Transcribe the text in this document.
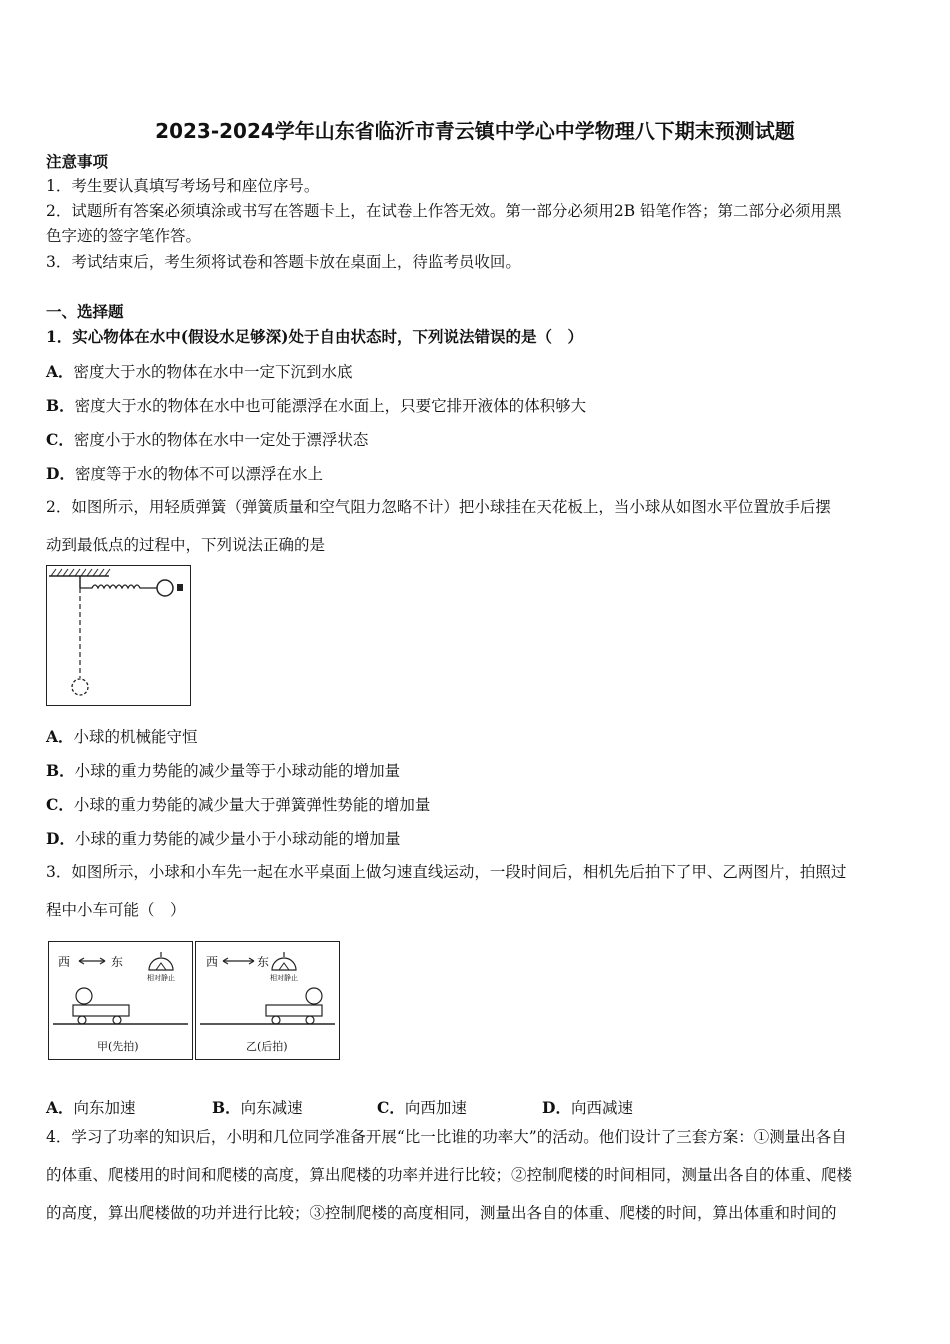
2023-2024学年山东省临沂市青云镇中学心中学物理八下期末预测试题
注意事项
1．考生要认真填写考场号和座位序号。
2．试题所有答案必须填涂或书写在答题卡上，在试卷上作答无效。第一部分必须用2B 铅笔作答；第二部分必须用黑
色字迹的签字笔作答。
3．考试结束后，考生须将试卷和答题卡放在桌面上，待监考员收回。
一、选择题
1．实心物体在水中(假设水足够深)处于自由状态时，下列说法错误的是（　）
A．密度大于水的物体在水中一定下沉到水底
B．密度大于水的物体在水中也可能漂浮在水面上，只要它排开液体的体积够大
C．密度小于水的物体在水中一定处于漂浮状态
D．密度等于水的物体不可以漂浮在水上
2．如图所示，用轻质弹簧（弹簧质量和空气阻力忽略不计）把小球挂在天花板上，当小球从如图水平位置放手后摆
动到最低点的过程中，下列说法正确的是
A．小球的机械能守恒
B．小球的重力势能的减少量等于小球动能的增加量
C．小球的重力势能的减少量大于弹簧弹性势能的增加量
D．小球的重力势能的减少量小于小球动能的增加量
3．如图所示，小球和小车先一起在水平桌面上做匀速直线运动，一段时间后，相机先后拍下了甲、乙两图片，拍照过
程中小车可能（　）
西	东
相对静止
甲(先拍)
西	东
相对静止
乙(后拍)
A．向东加速	B．向东减速	C．向西加速	D．向西减速
4．学习了功率的知识后，小明和几位同学准备开展“比一比谁的功率大”的活动。他们设计了三套方案：①测量出各自
的体重、爬楼用的时间和爬楼的高度，算出爬楼的功率并进行比较；②控制爬楼的时间相同，测量出各自的体重、爬楼
的高度，算出爬楼做的功并进行比较；③控制爬楼的高度相同，测量出各自的体重、爬楼的时间，算出体重和时间的
